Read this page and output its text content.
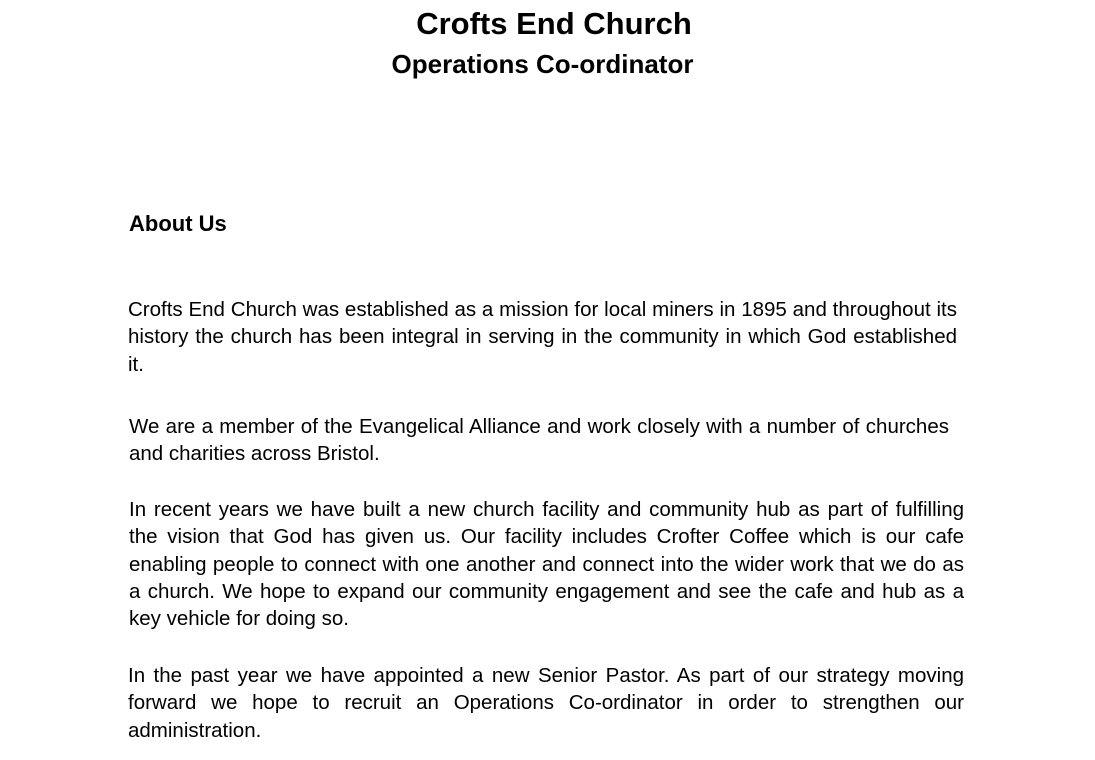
Crofts End Church
Operations Co-ordinator
About Us

Crofts End Church was established as a mission for local miners in 1895 and throughout its history the church has been integral in serving in the community in which God established it.

We are a member of the Evangelical Alliance and work closely with a number of churches and charities across Bristol.

In recent years we have built a new church facility and community hub as part of fulfilling the vision that God has given us. Our facility includes Crofter Coffee which is our cafe enabling people to connect with one another and connect into the wider work that we do as a church. We hope to expand our community engagement and see the cafe and hub as a key vehicle for doing so.

In the past year we have appointed a new Senior Pastor. As part of our strategy moving forward we hope to recruit an Operations Co-ordinator in order to strengthen our administration.
